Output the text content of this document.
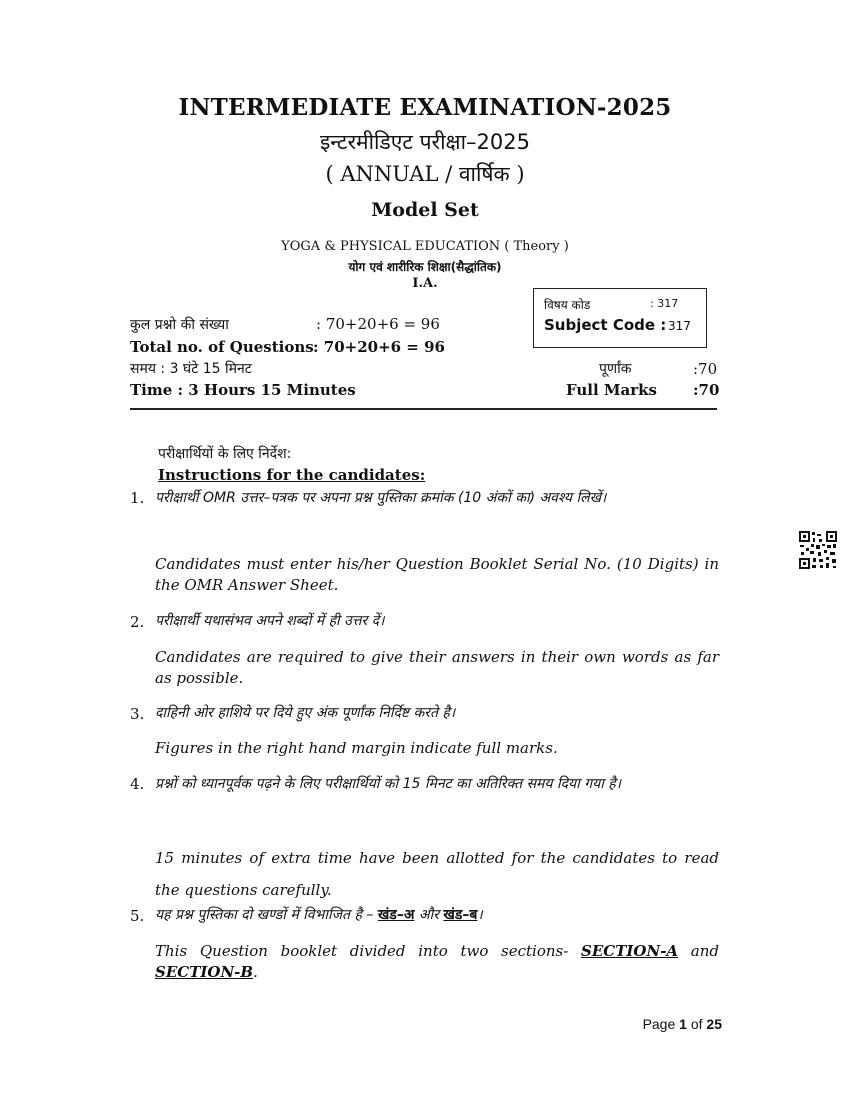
INTERMEDIATE EXAMINATION-2025
इन्टरमीडिएट परीक्षा–2025
( ANNUAL / वार्षिक )
Model Set
YOGA & PHYSICAL EDUCATION ( Theory )
योग एवं शारीरिक शिक्षा(सैद्धांतिक)
I.A.
विषय कोड	: 317
Subject Code : 317
कुल प्रश्नो की संख्या	: 70+20+6 = 96
Total no. of Questions : 70+20+6 = 96
समय : 3 घंटे 15 मिनट	पूर्णांक	:70
Time : 3 Hours 15 Minutes	Full Marks :70
परीक्षार्थियों के लिए निर्देश:
Instructions for the candidates:
1. परीक्षार्थी OMR उत्तर–पत्रक पर अपना प्रश्न पुस्तिका क्रमांक (10 अंकों का) अवश्य लिखें।
Candidates must enter his/her Question Booklet Serial No. (10 Digits) in the OMR Answer Sheet.
2. परीक्षार्थी यथासंभव अपने शब्दों में ही उत्तर दें।
Candidates are required to give their answers in their own words as far as possible.
3. दाहिनी ओर हाशिये पर दिये हुए अंक पूर्णांक निर्दिष्ट करते है।
Figures in the right hand margin indicate full marks.
4. प्रश्नों को ध्यानपूर्वक पढ़ने के लिए परीक्षार्थियों को 15 मिनट का अतिरिक्त समय दिया गया है।
15 minutes of extra time have been allotted for the candidates to read the questions carefully.
5. यह प्रश्न पुस्तिका दो खण्डों में विभाजित है – खंड–अ और खंड–ब।
This Question booklet divided into two sections- SECTION-A and SECTION-B.
Page 1 of 25
